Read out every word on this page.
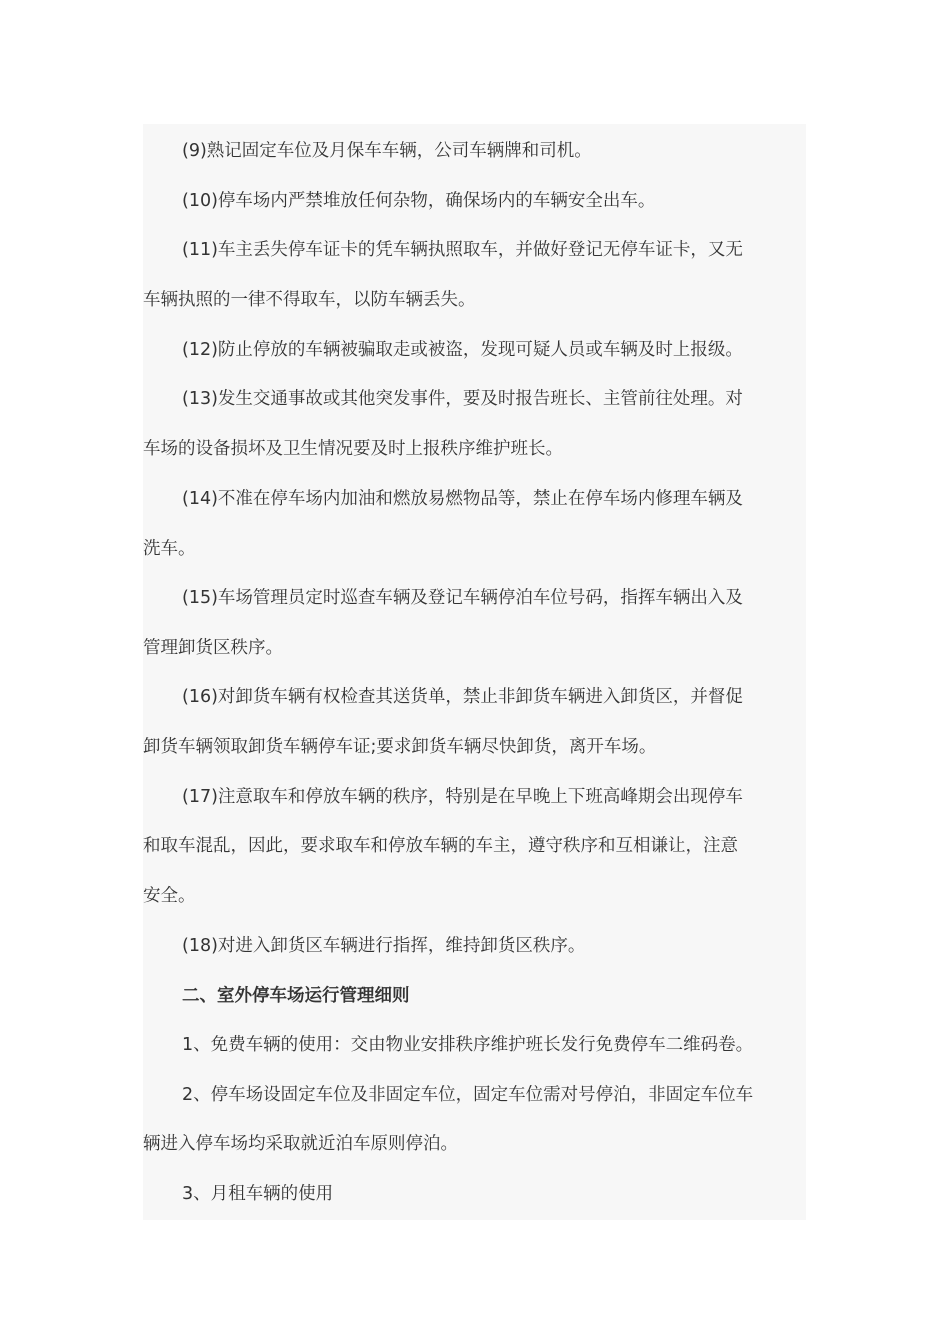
(9)熟记固定车位及月保车车辆，公司车辆牌和司机。

(10)停车场内严禁堆放任何杂物，确保场内的车辆安全出车。

(11)车主丢失停车证卡的凭车辆执照取车，并做好登记无停车证卡，又无

车辆执照的一律不得取车，以防车辆丢失。

(12)防止停放的车辆被骗取走或被盗，发现可疑人员或车辆及时上报级。

(13)发生交通事故或其他突发事件，要及时报告班长、主管前往处理。对

车场的设备损坏及卫生情况要及时上报秩序维护班长。

(14)不准在停车场内加油和燃放易燃物品等，禁止在停车场内修理车辆及

洗车。

(15)车场管理员定时巡查车辆及登记车辆停泊车位号码，指挥车辆出入及

管理卸货区秩序。

(16)对卸货车辆有权检查其送货单，禁止非卸货车辆进入卸货区，并督促

卸货车辆领取卸货车辆停车证;要求卸货车辆尽快卸货，离开车场。

(17)注意取车和停放车辆的秩序，特别是在早晚上下班高峰期会出现停车

和取车混乱，因此，要求取车和停放车辆的车主，遵守秩序和互相谦让，注意

安全。

(18)对进入卸货区车辆进行指挥，维持卸货区秩序。

二、室外停车场运行管理细则

1、免费车辆的使用：交由物业安排秩序维护班长发行免费停车二维码卷。

2、停车场设固定车位及非固定车位，固定车位需对号停泊，非固定车位车

辆进入停车场均采取就近泊车原则停泊。

3、月租车辆的使用
